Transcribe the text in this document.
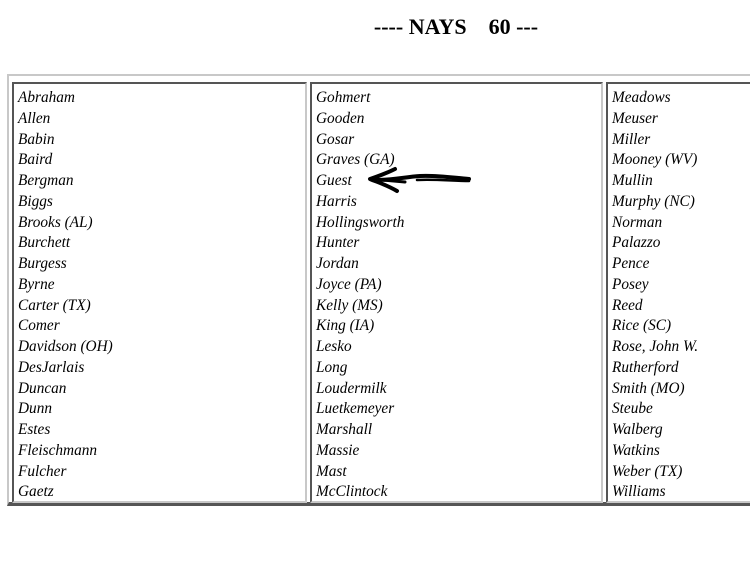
---- NAYS 60 ---
Abraham
Allen
Babin
Baird
Bergman
Biggs
Brooks (AL)
Burchett
Burgess
Byrne
Carter (TX)
Comer
Davidson (OH)
DesJarlais
Duncan
Dunn
Estes
Fleischmann
Fulcher
Gaetz
Gohmert
Gooden
Gosar
Graves (GA)
Guest
Harris
Hollingsworth
Hunter
Jordan
Joyce (PA)
Kelly (MS)
King (IA)
Lesko
Long
Loudermilk
Luetkemeyer
Marshall
Massie
Mast
McClintock
Meadows
Meuser
Miller
Mooney (WV)
Mullin
Murphy (NC)
Norman
Palazzo
Pence
Posey
Reed
Rice (SC)
Rose, John W.
Rutherford
Smith (MO)
Steube
Walberg
Watkins
Weber (TX)
Williams
